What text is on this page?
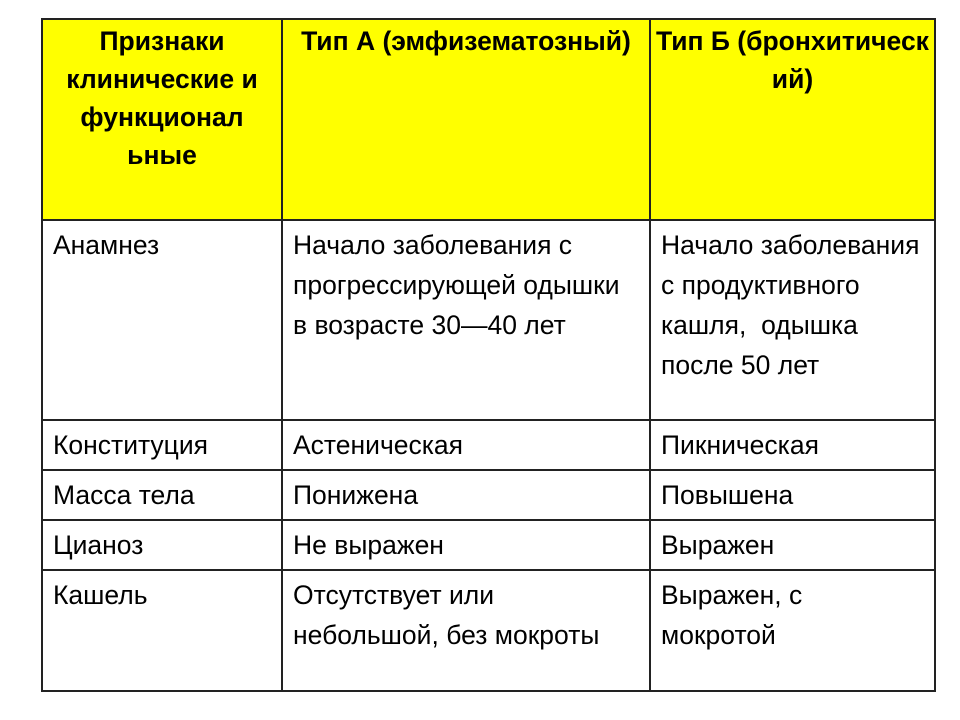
Признаки клинические и функционал ьные	Тип А (эмфизематозный)	Тип Б (бронхитическ ий)
Анамнез	Начало заболевания с прогрессирующей одышки      в возрасте 30—40 лет	Начало заболевания с продуктивного кашля,  одышка после 50 лет
Конституция	Астеническая	Пикническая
Масса тела	Понижена	Повышена
Цианоз	Не выражен	Выражен
Кашель	Отсутствует или небольшой, без мокроты	Выражен, с мокротой
